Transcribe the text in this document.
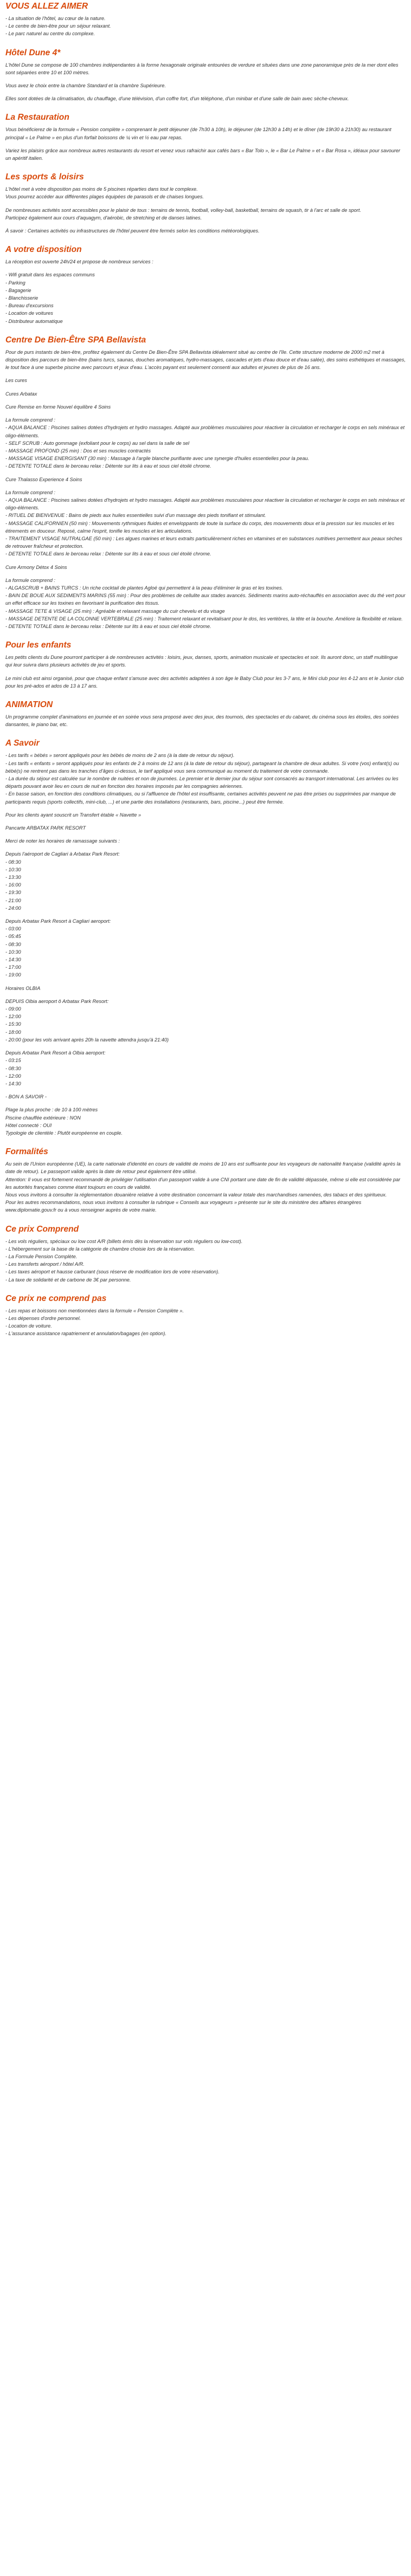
VOUS ALLEZ AIMER

- La situation de l'hôtel, au cœur de la nature.
- Le centre de bien-être pour un séjour relaxant.
- Le parc naturel au centre du complexe.

Hôtel Dune 4*

L'hôtel Dune se compose de 100 chambres indépendantes à la forme hexagonale originale entourées de verdure et situées dans une zone panoramique près de la mer dont elles sont séparées entre 10 et 100 mètres.

Vous avez le choix entre la chambre Standard et la chambre Supérieure.

Elles sont dotées de la climatisation, du chauffage, d'une télévision, d'un coffre fort, d'un téléphone, d'un minibar et d'une salle de bain avec sèche-cheveux.

La Restauration

Vous bénéficierez de la formule « Pension complète » comprenant le petit déjeuner (de 7h30 à 10h), le déjeuner (de 12h30 à 14h) et le dîner (de 19h30 à 21h30) au restaurant principal « Le Palme » en plus d'un forfait boissons de ¼ vin et ½ eau par repas.

Variez les plaisirs grâce aux nombreux autres restaurants du resort et venez vous rafraichir aux cafés bars « Bar Tolo », le « Bar Le Palme » et « Bar Rosa », idéaux pour savourer un apéritif italien.

Les sports & loisirs

L'hôtel met à votre disposition pas moins de 5 piscines réparties dans tout le complexe.
Vous pourrez accéder aux différentes plages équipées de parasols et de chaises longues.

De nombreuses activités sont accessibles pour le plaisir de tous : terrains de tennis, football, volley-ball, basketball, terrains de squash, tir à l'arc et salle de sport.
Participez également aux cours d'aquagym, d'aérobic, de stretching et de danses latines.

À savoir : Certaines activités ou infrastructures de l'hôtel peuvent être fermés selon les conditions météorologiques.

A votre disposition

La réception est ouverte 24h/24 et propose de nombreux services :

- Wifi gratuit dans les espaces communs
- Parking
- Bagagerie
- Blanchisserie
- Bureau d'excursions
- Location de voitures
- Distributeur automatique

Centre De Bien-Être SPA Bellavista

Pour de purs instants de bien-être, profitez également du Centre De Bien-Être SPA Bellavista idéalement situé au centre de l'île. Cette structure moderne de 2000 m2 met à disposition des parcours de bien-être (bains turcs, saunas, douches aromatiques, hydro-massages, cascades et jets d'eau douce et d'eau salée), des soins esthétiques et massages, le tout face à une superbe piscine avec parcours et jeux d'eau. L'accès payant est seulement consenti aux adultes et jeunes de plus de 16 ans.

Les cures

Cures Arbatax

Cure Remise en forme Nouvel équilibre 4 Soins

La formule comprend :
- AQUA BALANCE : Piscines salines dotées d'hydrojets et hydro massages. Adapté aux problèmes musculaires pour réactiver la circulation et recharger le corps en sels minéraux et oligo-éléments.
- SELF SCRUB : Auto gommage (exfoliant pour le corps) au sel dans la salle de sel
- MASSAGE PROFOND (25 min) : Dos et ses muscles contractés
- MASSAGE VISAGE ENERGISANT (30 min) : Massage à l'argile blanche purifiante avec une synergie d'huiles essentielles pour la peau.
- DETENTE TOTALE dans le berceau relax : Détente sur lits à eau et sous ciel étoilé chrome.

Cure Thalasso Experience 4 Soins

La formule comprend :
- AQUA BALANCE : Piscines salines dotées d'hydrojets et hydro massages. Adapté aux problèmes musculaires pour réactiver la circulation et recharger le corps en sels minéraux et oligo-éléments.
- RITUEL DE BIENVENUE : Bains de pieds aux huiles essentielles suivi d'un massage des pieds tonifiant et stimulant.
- MASSAGE CALIFORNIEN (50 min) : Mouvements rythmiques fluides et enveloppants de toute la surface du corps, des mouvements doux et la pression sur les muscles et les étirements en douceur. Reposé, calme l'esprit, tonifie les muscles et les articulations.
- TRAITEMENT VISAGE NUTRALGAE (50 min) : Les algues marines et leurs extraits particulièrement riches en vitamines et en substances nutritives permettent aux peaux sèches de retrouver fraîcheur et protection.
- DETENTE TOTALE dans le berceau relax : Détente sur lits à eau et sous ciel étoilé chrome.

Cure Armony Détox 4 Soins

La formule comprend :
- ALGASCRUB + BAINS TURCS : Un riche cocktail de plantes Agloé qui permettent à la peau d'éliminer le gras et les toxines.
- BAIN DE BOUE AUX SEDIMENTS MARINS (55 min) : Pour des problèmes de cellulite aux stades avancés. Sédiments marins auto-réchauffés en association avec du thé vert pour un effet efficace sur les toxines en favorisant la purification des tissus.
- MASSAGE TETE & VISAGE (25 min) : Agréable et relaxant massage du cuir chevelu et du visage
- MASSAGE DETENTE DE LA COLONNE VERTEBRALE (25 min) : Traitement relaxant et revitalisant pour le dos, les vertèbres, la tête et la bouche. Améliore la flexibilité et relaxe.
- DETENTE TOTALE dans le berceau relax : Détente sur lits à eau et sous ciel étoilé chrome.

Pour les enfants

Les petits clients du Dune pourront participer à de nombreuses activités : loisirs, jeux, danses, sports, animation musicale et spectacles et soir. Ils auront donc, un staff multilingue qui leur suivra dans plusieurs activités de jeu et sports.

Le mini club est ainsi organisé, pour que chaque enfant s'amuse avec des activités adaptées à son âge le Baby Club pour les 3-7 ans, le Mini club pour les 4-12 ans et le Junior club pour les pré-ados et ados de 13 à 17 ans.

ANIMATION

Un programme complet d'animations en journée et en soirée vous sera proposé avec des jeux, des tournois, des spectacles et du cabaret, du cinéma sous les étoiles, des soirées dansantes, le piano bar, etc.

A Savoir

- Les tarifs « bébés » seront appliqués pour les bébés de moins de 2 ans (à la date de retour du séjour).
- Les tarifs « enfants » seront appliqués pour les enfants de 2 à moins de 12 ans (à la date de retour du séjour), partageant la chambre de deux adultes. Si votre (vos) enfant(s) ou bébé(s) ne rentrent pas dans les tranches d'âges ci-dessus, le tarif appliqué vous sera communiqué au moment du traitement de votre commande.
- La durée du séjour est calculée sur le nombre de nuitées et non de journées. Le premier et le dernier jour du séjour sont consacrés au transport international. Les arrivées ou les départs pouvant avoir lieu en cours de nuit en fonction des horaires imposés par les compagnies aériennes.
- En basse saison, en fonction des conditions climatiques, ou si l'affluence de l'hôtel est insuffisante, certaines activités peuvent ne pas être prises ou supprimées par manque de participants requis (sports collectifs, mini-club, ...) et une partie des installations (restaurants, bars, piscine...) peut être fermée.

Pour les clients ayant souscrit un Transfert étable « Navette »

Pancarte ARBATAX PARK RESORT

Merci de noter les horaires de ramassage suivants :

Depuis l'aéroport de Cagliari à Arbatax Park Resort:
- 08:30
- 10:30
- 13:30
- 16:00
- 19:30
- 21:00
- 24:00

Depuis Arbatax Park Resort à Cagliari aeroport:
- 03:00
- 05:45
- 08:30
- 10:30
- 14:30
- 17:00
- 19:00

Horaires OLBIA

DEPUIS Olbia aeroport ô Arbatax Park Resort:
- 09:00
- 12:00
- 15:30
- 18:00
- 20:00 (pour les vols arrivant après 20h la navette attendra jusqu'à 21:40)

Depuis Arbatax Park Resort à Olbia aeroport:
- 03:15
- 08:30
- 12:00
- 14:30

- BON A SAVOIR -

Plage la plus proche : de 10 à 100 mètres
Piscine chauffée extérieure : NON
Hôtel connecté : OUI
Typologie de clientèle : Plutôt européenne en couple.

Formalités

Au sein de l'Union européenne (UE), la carte nationale d'identité en cours de validité de moins de 10 ans est suffisante pour les voyageurs de nationalité française (validité après la date de retour). Le passeport valide après la date de retour peut également être utilisé.
Attention: Il vous est fortement recommandé de privilégier l'utilisation d'un passeport valide à une CNI portant une date de fin de validité dépassée, même si elle est considérée par les autorités françaises comme étant toujours en cours de validité.
Nous vous invitons à consulter la réglementation douanière relative à votre destination concernant la valeur totale des marchandises ramenées, des tabacs et des spiritueux.
Pour les autres recommandations, nous vous invitons à consulter la rubrique « Conseils aux voyageurs » présente sur le site du ministère des affaires étrangères www.diplomatie.gouv.fr ou à vous renseigner auprès de votre mairie.

Ce prix Comprend

- Les vols réguliers, spéciaux ou low cost A/R (billets émis dès la réservation sur vols réguliers ou low-cost).
- L'hébergement sur la base de la catégorie de chambre choisie lors de la réservation.
- La Formule Pension Complète.
- Les transferts aéroport / hôtel A/R.
- Les taxes aéroport et hausse carburant (sous réserve de modification lors de votre réservation).
- La taxe de solidarité et de carbone de 3€ par personne.

Ce prix ne comprend pas

- Les repas et boissons non mentionnées dans la formule « Pension Complète ».
- Les dépenses d'ordre personnel.
- Location de voiture.
- L'assurance assistance rapatriement et annulation/bagages (en option).
